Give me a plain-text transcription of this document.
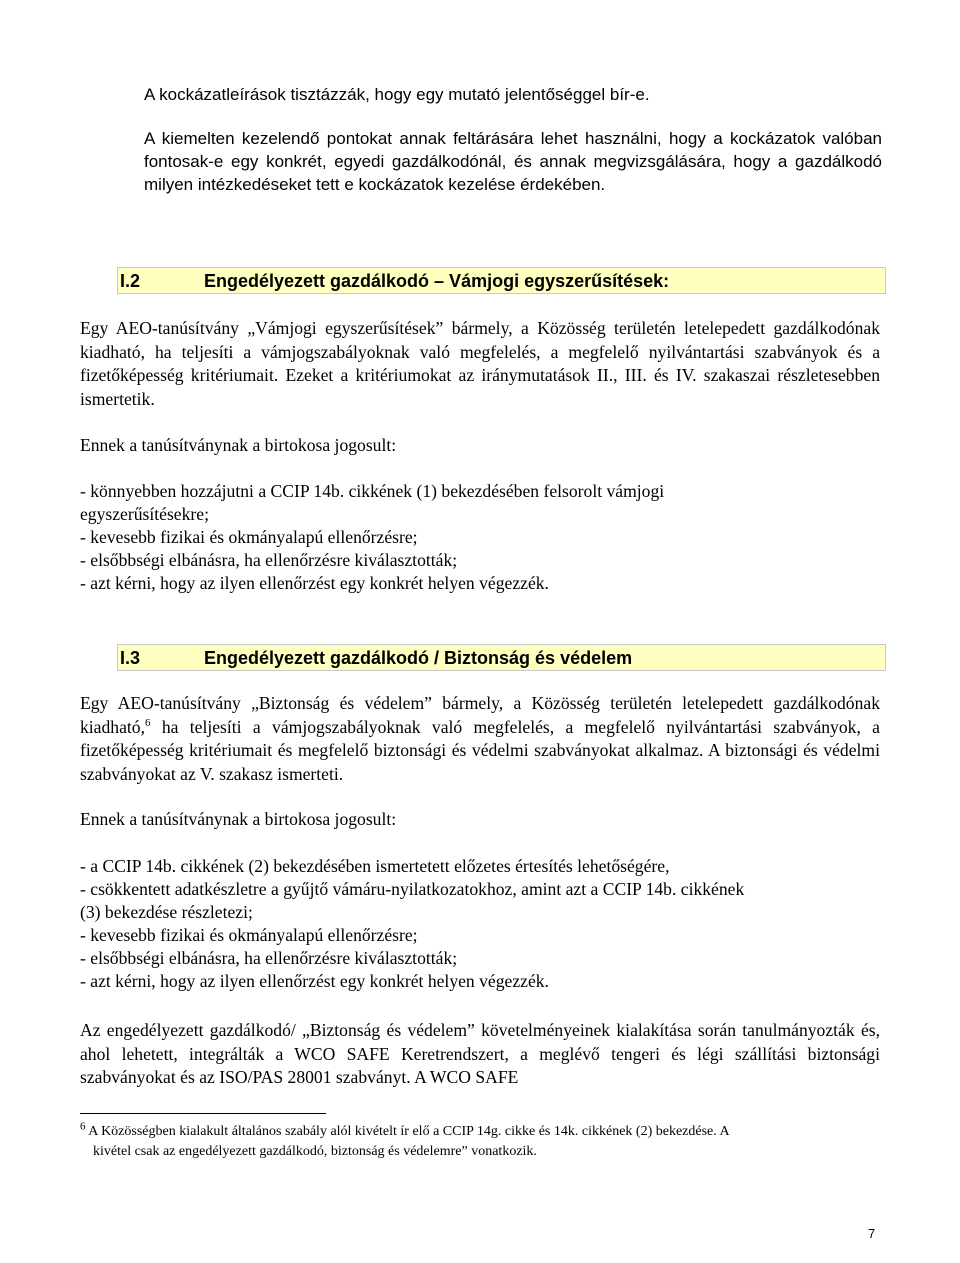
A kockázatleírások tisztázzák, hogy egy mutató jelentőséggel bír-e.
A kiemelten kezelendő pontokat annak feltárására lehet használni, hogy a kockázatok valóban fontosak-e egy konkrét, egyedi gazdálkodónál, és annak megvizsgálására, hogy a gazdálkodó milyen intézkedéseket tett e kockázatok kezelése érdekében.
I.2	Engedélyezett gazdálkodó – Vámjogi egyszerűsítések:
Egy AEO-tanúsítvány „Vámjogi egyszerűsítések” bármely, a Közösség területén letelepedett gazdálkodónak kiadható, ha teljesíti a vámjogszabályoknak való megfelelés, a megfelelő nyilvántartási szabványok és a fizetőképesség kritériumait. Ezeket a kritériumokat az iránymutatások II., III. és IV. szakaszai részletesebben ismertetik.
Ennek a tanúsítványnak a birtokosa jogosult:
- könnyebben hozzájutni a CCIP 14b. cikkének (1) bekezdésében felsorolt vámjogi
egyszerűsítésekre;
- kevesebb fizikai és okmányalapú ellenőrzésre;
- elsőbbségi elbánásra, ha ellenőrzésre kiválasztották;
- azt kérni, hogy az ilyen ellenőrzést egy konkrét helyen végezzék.
I.3	Engedélyezett gazdálkodó / Biztonság és védelem
Egy AEO-tanúsítvány „Biztonság és védelem” bármely, a Közösség területén letelepedett gazdálkodónak kiadható,$^6$ ha teljesíti a vámjogszabályoknak való megfelelés, a megfelelő nyilvántartási szabványok, a fizetőképesség kritériumait és megfelelő biztonsági és védelmi szabványokat alkalmaz. A biztonsági és védelmi szabványokat az V. szakasz ismerteti.
Ennek a tanúsítványnak a birtokosa jogosult:
- a CCIP 14b. cikkének (2) bekezdésében ismertetett előzetes értesítés lehetőségére,
- csökkentett adatkészletre a gyűjtő vámáru-nyilatkozatokhoz, amint azt a CCIP 14b. cikkének
(3) bekezdése részletezi;
- kevesebb fizikai és okmányalapú ellenőrzésre;
- elsőbbségi elbánásra, ha ellenőrzésre kiválasztották;
- azt kérni, hogy az ilyen ellenőrzést egy konkrét helyen végezzék.
Az engedélyezett gazdálkodó/ „Biztonság és védelem” követelményeinek kialakítása során tanulmányozták és, ahol lehetett, integrálták a WCO SAFE Keretrendszert, a meglévő tengeri és légi szállítási biztonsági szabványokat és az ISO/PAS 28001 szabványt. A WCO SAFE
$^6$ A Közösségben kialakult általános szabály alól kivételt ír elő a CCIP 14g. cikke és 14k. cikkének (2) bekezdése. A
kivétel csak az engedélyezett gazdálkodó, biztonság és védelemre” vonatkozik.
7
